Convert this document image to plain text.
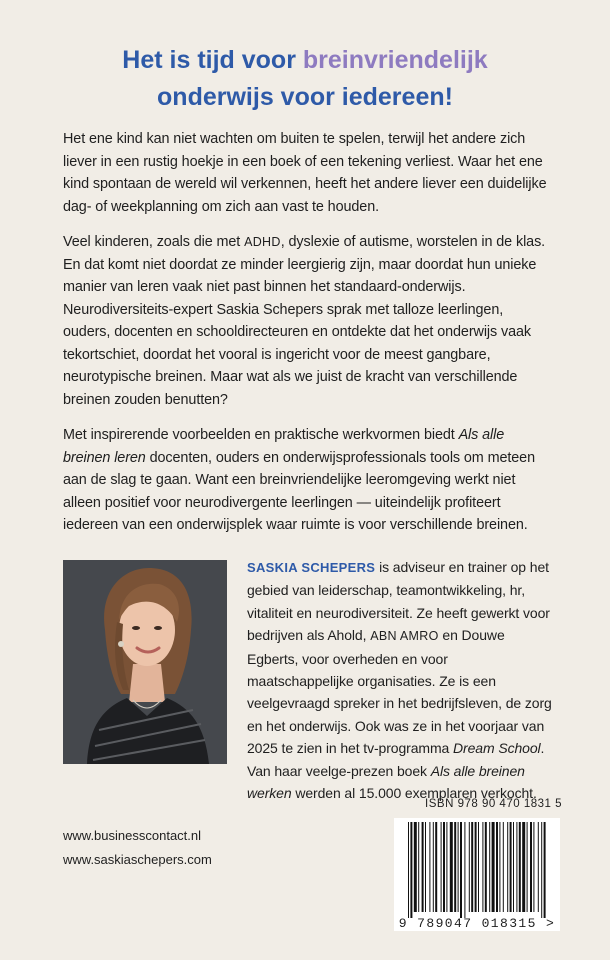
Het is tijd voor breinvriendelijk
onderwijs voor iedereen!

Het ene kind kan niet wachten om buiten te spelen, terwijl het andere zich liever in een rustig hoekje in een boek of een tekening verliest. Waar het ene kind spontaan de wereld wil verkennen, heeft het andere liever een duidelijke dag- of weekplanning om zich aan vast te houden.

Veel kinderen, zoals die met ADHD, dyslexie of autisme, worstelen in de klas. En dat komt niet doordat ze minder leergierig zijn, maar doordat hun unieke manier van leren vaak niet past binnen het standaard-onderwijs. Neurodiversiteits-expert Saskia Schepers sprak met talloze leerlingen, ouders, docenten en schooldirecteuren en ontdekte dat het onderwijs vaak tekortschiet, doordat het vooral is ingericht voor de meest gangbare, neurotypische breinen. Maar wat als we juist de kracht van verschillende breinen zouden benutten?

Met inspirerende voorbeelden en praktische werkvormen biedt Als alle breinen leren docenten, ouders en onderwijsprofessionals tools om meteen aan de slag te gaan. Want een breinvriendelijke leeromgeving werkt niet alleen positief voor neurodivergente leerlingen — uiteindelijk profiteert iedereen van een onderwijsplek waar ruimte is voor verschillende breinen.

SASKIA SCHEPERS is adviseur en trainer op het gebied van leiderschap, teamontwikkeling, hr, vitaliteit en neurodiversiteit. Ze heeft gewerkt voor bedrijven als Ahold, ABN AMRO en Douwe Egberts, voor overheden en voor maatschappelijke organisaties. Ze is een veelgevraagd spreker in het bedrijfsleven, de zorg en het onderwijs. Ook was ze in het voorjaar van 2025 te zien in het tv-programma Dream School. Van haar veelge-prezen boek Als alle breinen werken werden al 15.000 exemplaren verkocht.
www.businesscontact.nl
www.saskiaschepers.com
ISBN 978 90 470 1831 5
9 789047 018315 >
